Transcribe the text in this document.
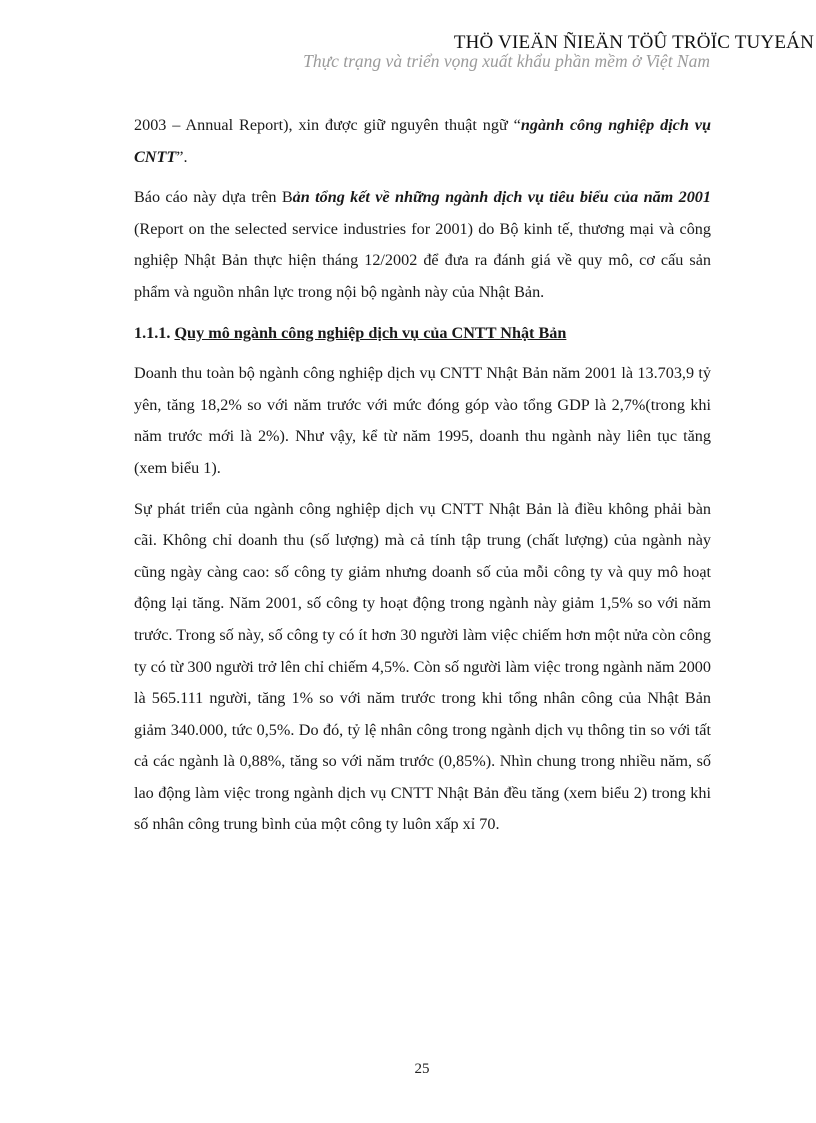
THÖ VIEÄN ÑIEÄN TÖÛ TRÖÏC TUYEÁN
Thực trạng và triển vọng xuất khẩu phần mềm ở Việt Nam

2003 – Annual Report), xin được giữ nguyên thuật ngữ “ngành công nghiệp dịch vụ CNTT”.

Báo cáo này dựa trên Bản tổng kết về những ngành dịch vụ tiêu biểu của năm 2001 (Report on the selected service industries for 2001) do Bộ kinh tế, thương mại và công nghiệp Nhật Bản thực hiện tháng 12/2002 để đưa ra đánh giá về quy mô, cơ cấu sản phẩm và nguồn nhân lực trong nội bộ ngành này của Nhật Bản.

1.1.1. Quy mô ngành công nghiệp dịch vụ của CNTT Nhật Bản

Doanh thu toàn bộ ngành công nghiệp dịch vụ CNTT Nhật Bản năm 2001 là 13.703,9 tỷ yên, tăng 18,2% so với năm trước với mức đóng góp vào tổng GDP là 2,7%(trong khi năm trước mới là 2%). Như vậy, kể từ năm 1995, doanh thu ngành này liên tục tăng (xem biểu 1).

Sự phát triển của ngành công nghiệp dịch vụ CNTT Nhật Bản là điều không phải bàn cãi. Không chỉ doanh thu (số lượng) mà cả tính tập trung (chất lượng) của ngành này cũng ngày càng cao: số công ty giảm nhưng doanh số của mỗi công ty và quy mô hoạt động lại tăng. Năm 2001, số công ty hoạt động trong ngành này giảm 1,5% so với năm trước. Trong số này, số công ty có ít hơn 30 người làm việc chiếm hơn một nửa còn công ty có từ 300 người trở lên chỉ chiếm 4,5%. Còn số người làm việc trong ngành năm 2000 là 565.111 người, tăng 1% so với năm trước trong khi tổng nhân công của Nhật Bản giảm 340.000, tức 0,5%. Do đó, tỷ lệ nhân công trong ngành dịch vụ thông tin so với tất cả các ngành là 0,88%, tăng so với năm trước (0,85%). Nhìn chung trong nhiều năm, số lao động làm việc trong ngành dịch vụ CNTT Nhật Bản đều tăng (xem biểu 2) trong khi số nhân công trung bình của một công ty luôn xấp xỉ 70.

25
